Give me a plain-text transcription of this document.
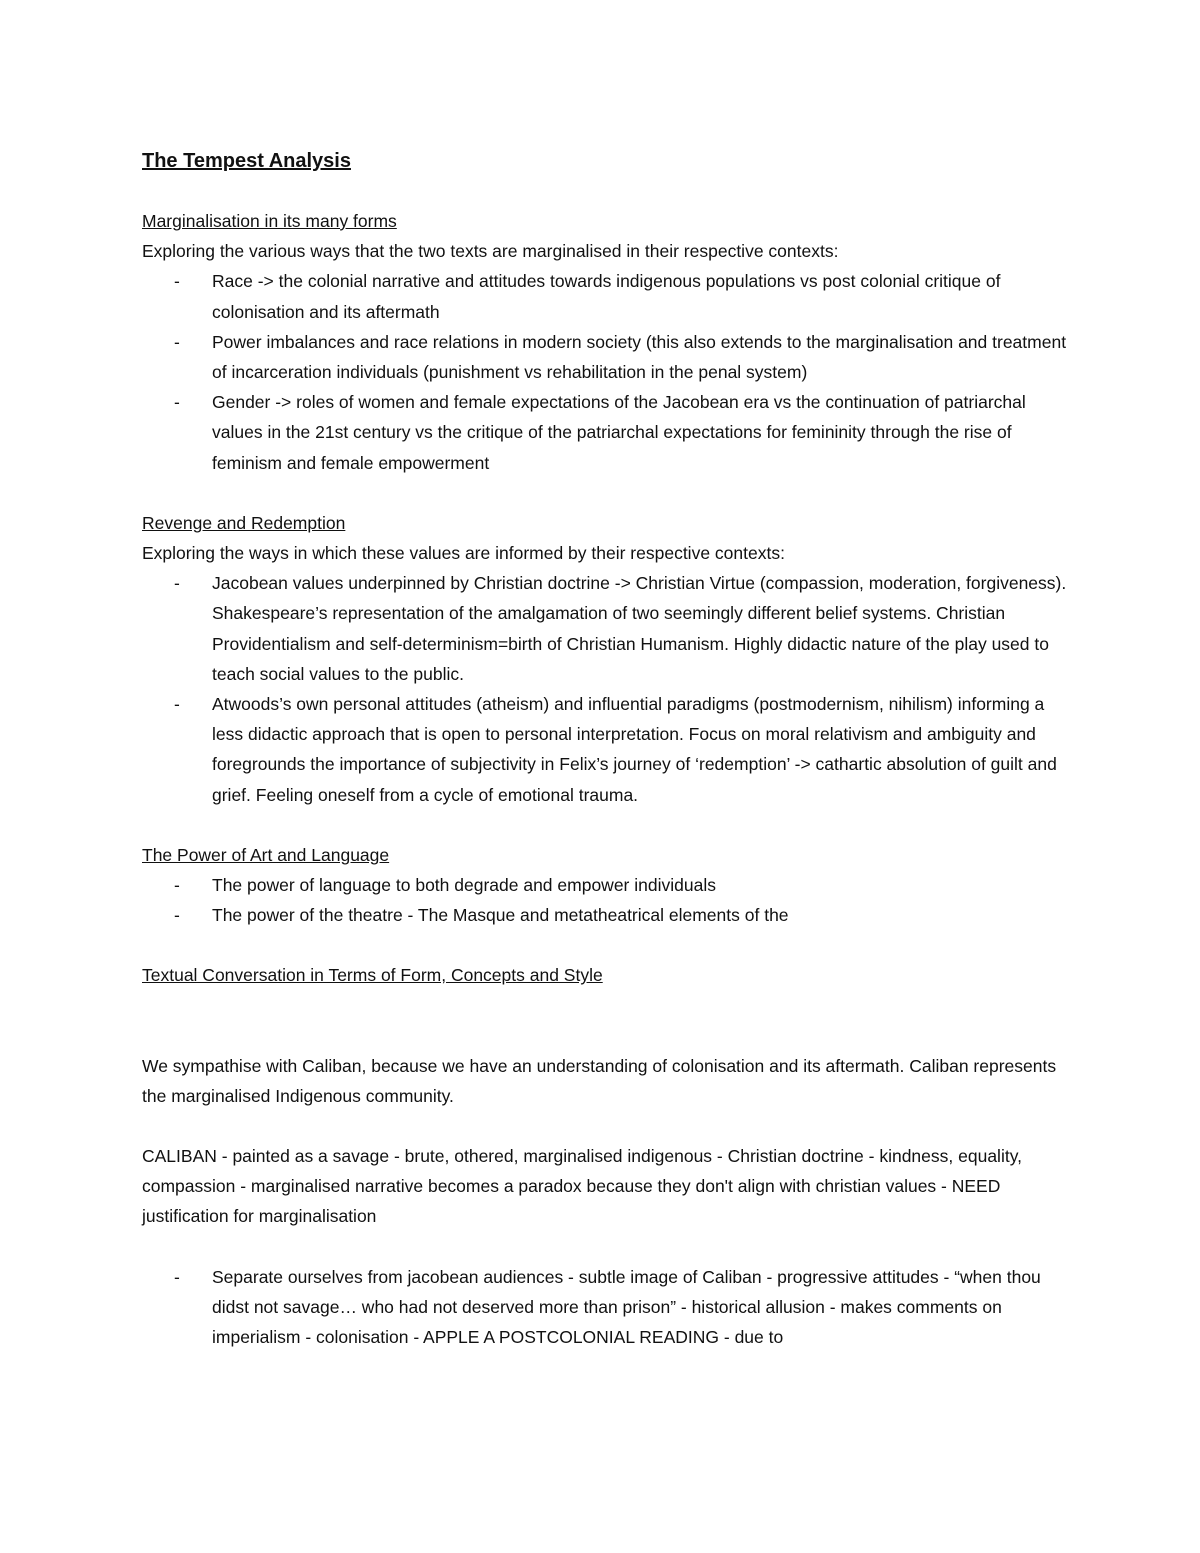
The Tempest Analysis

Marginalisation in its many forms

Exploring the various ways that the two texts are marginalised in their respective contexts:

- Race -> the colonial narrative and attitudes towards indigenous populations vs post colonial critique of colonisation and its aftermath
- Power imbalances and race relations in modern society (this also extends to the marginalisation and treatment of incarceration individuals (punishment vs rehabilitation in the penal system)
- Gender -> roles of women and female expectations of the Jacobean era vs the continuation of patriarchal values in the 21st century vs the critique of the patriarchal expectations for femininity through the rise of feminism and female empowerment

Revenge and Redemption

Exploring the ways in which these values are informed by their respective contexts:

- Jacobean values underpinned by Christian doctrine -> Christian Virtue (compassion, moderation, forgiveness). Shakespeare’s representation of the amalgamation of two seemingly different belief systems. Christian Providentialism and self-determinism=birth of Christian Humanism. Highly didactic nature of the play used to teach social values to the public.
- Atwoods’s own personal attitudes (atheism) and influential paradigms (postmodernism, nihilism) informing a less didactic approach that is open to personal interpretation. Focus on moral relativism and ambiguity and foregrounds the importance of subjectivity in Felix’s journey of ‘redemption’ -> cathartic absolution of guilt and grief. Feeling oneself from a cycle of emotional trauma.

The Power of Art and Language

- The power of language to both degrade and empower individuals
- The power of the theatre - The Masque and metatheatrical elements of the

Textual Conversation in Terms of Form, Concepts and Style

We sympathise with Caliban, because we have an understanding of colonisation and its aftermath. Caliban represents the marginalised Indigenous community.

CALIBAN - painted as a savage - brute, othered, marginalised indigenous - Christian doctrine - kindness, equality, compassion - marginalised narrative becomes a paradox because they don't align with christian values - NEED justification for marginalisation

- Separate ourselves from jacobean audiences - subtle image of Caliban - progressive attitudes - “when thou didst not savage… who had not deserved more than prison” - historical allusion - makes comments on imperialism - colonisation - APPLE A POSTCOLONIAL READING - due to
